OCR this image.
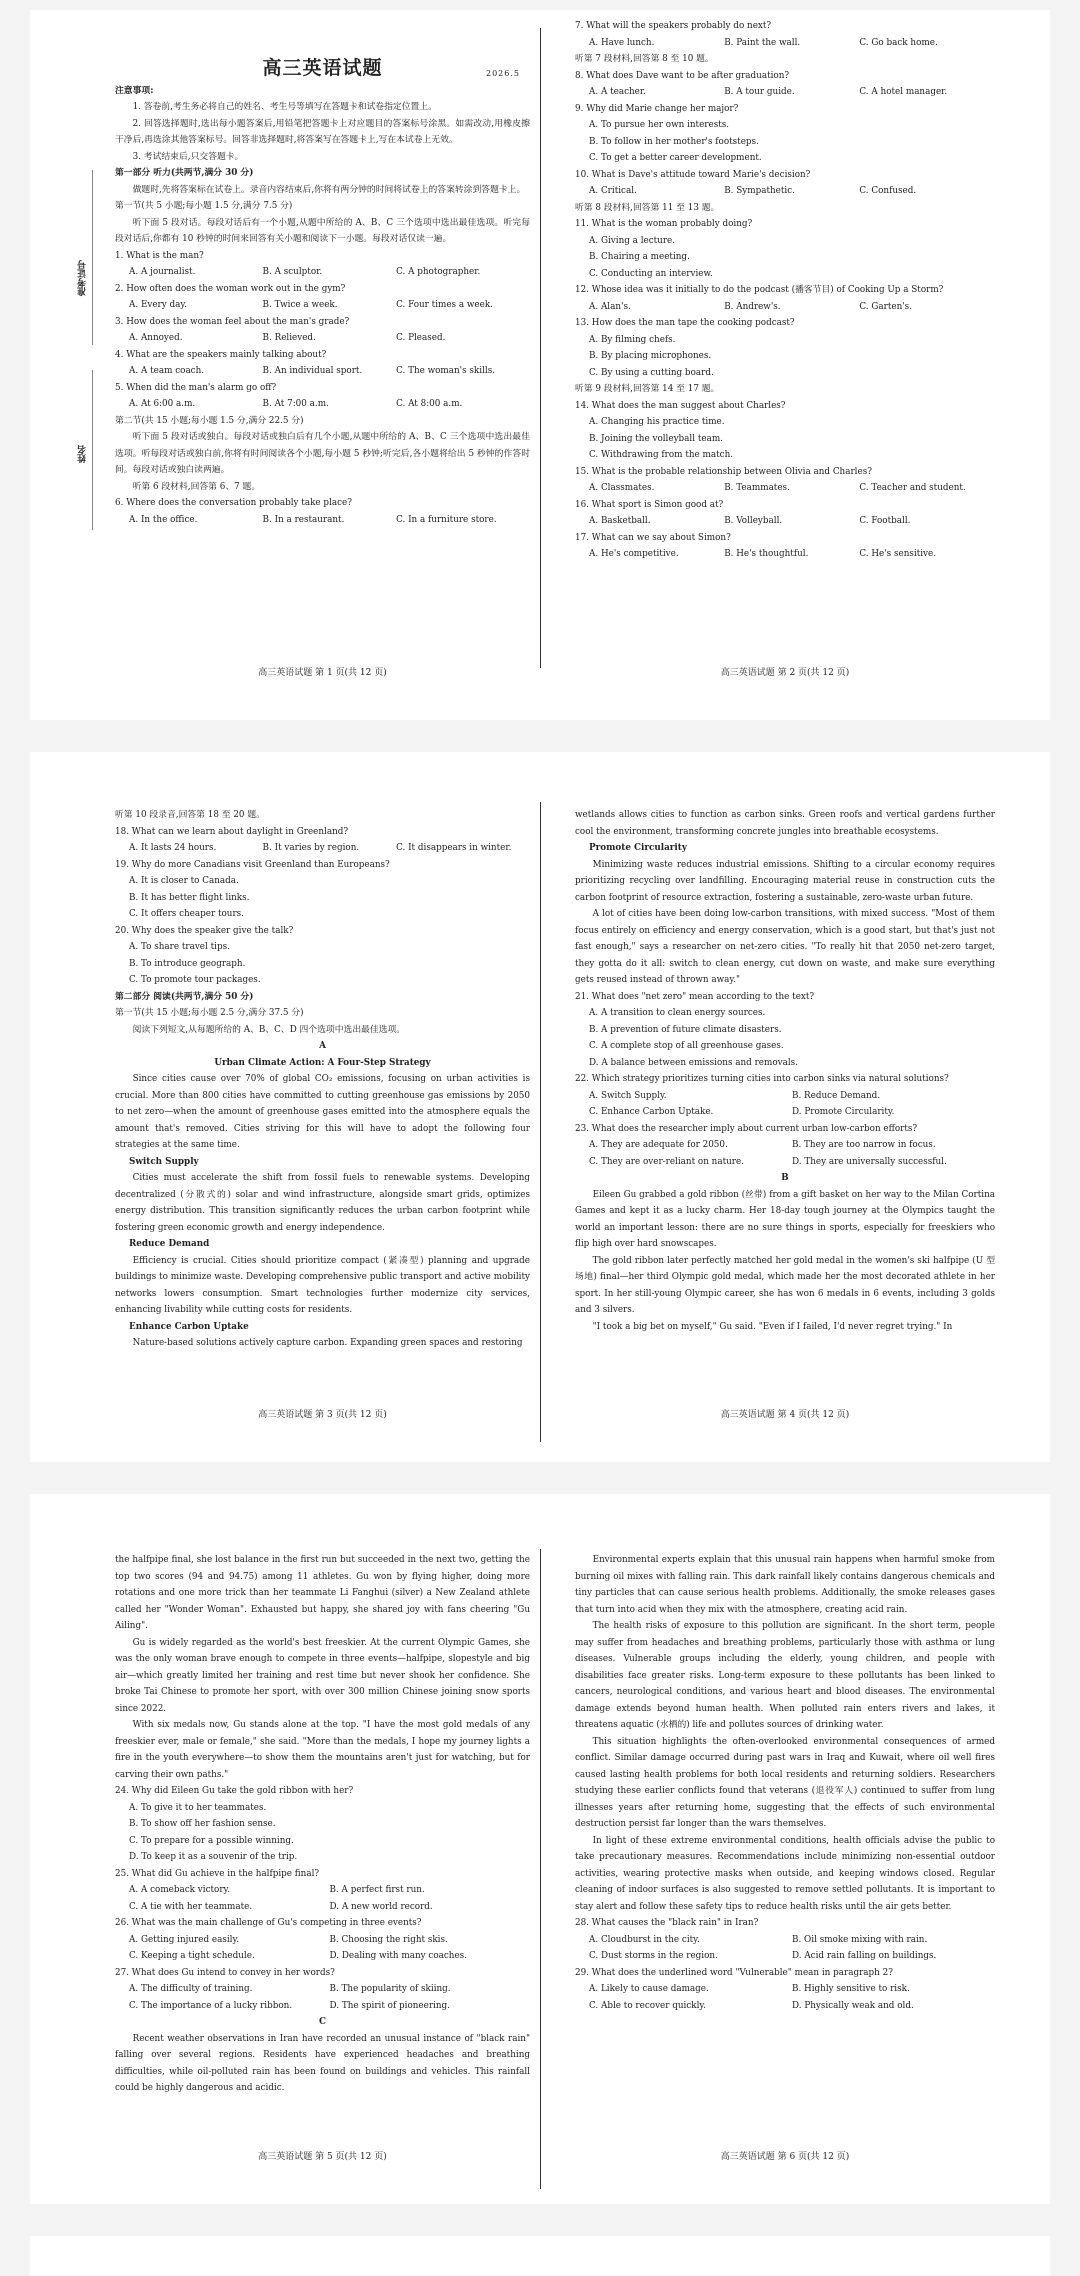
准考证号
姓名
高三英语试题	2026.5

注意事项:

1. 答卷前,考生务必将自己的姓名、考生号等填写在答题卡和试卷指定位置上。

2. 回答选择题时,选出每小题答案后,用铅笔把答题卡上对应题目的答案标号涂黑。如需改动,用橡皮擦干净后,再选涂其他答案标号。回答非选择题时,将答案写在答题卡上,写在本试卷上无效。

3. 考试结束后,只交答题卡。

第一部分 听力(共两节,满分 30 分)

做题时,先将答案标在试卷上。录音内容结束后,你将有两分钟的时间将试卷上的答案转涂到答题卡上。

第一节(共 5 小题;每小题 1.5 分,满分 7.5 分)

听下面 5 段对话。每段对话后有一个小题,从题中所给的 A、B、C 三个选项中选出最佳选项。听完每段对话后,你都有 10 秒钟的时间来回答有关小题和阅读下一小题。每段对话仅读一遍。

1. What is the man?

A. A journalist.	B. A sculptor.	C. A photographer.

2. How often does the woman work out in the gym?

A. Every day.	B. Twice a week.	C. Four times a week.

3. How does the woman feel about the man's grade?

A. Annoyed.	B. Relieved.	C. Pleased.

4. What are the speakers mainly talking about?

A. A team coach.	B. An individual sport.	C. The woman's skills.

5. When did the man's alarm go off?

A. At 6:00 a.m.	B. At 7:00 a.m.	C. At 8:00 a.m.

第二节(共 15 小题;每小题 1.5 分,满分 22.5 分)

听下面 5 段对话或独白。每段对话或独白后有几个小题,从题中所给的 A、B、C 三个选项中选出最佳选项。听每段对话或独白前,你将有时间阅读各个小题,每小题 5 秒钟;听完后,各小题将给出 5 秒钟的作答时间。每段对话或独白读两遍。

听第 6 段材料,回答第 6、7 题。

6. Where does the conversation probably take place?

A. In the office.	B. In a restaurant.	C. In a furniture store.

7. What will the speakers probably do next?

A. Have lunch.	B. Paint the wall.	C. Go back home.

听第 7 段材料,回答第 8 至 10 题。

8. What does Dave want to be after graduation?

A. A teacher.	B. A tour guide.	C. A hotel manager.

9. Why did Marie change her major?

A. To pursue her own interests.

B. To follow in her mother's footsteps.

C. To get a better career development.

10. What is Dave's attitude toward Marie's decision?

A. Critical.	B. Sympathetic.	C. Confused.

听第 8 段材料,回答第 11 至 13 题。

11. What is the woman probably doing?

A. Giving a lecture.

B. Chairing a meeting.

C. Conducting an interview.

12. Whose idea was it initially to do the podcast (播客节目) of Cooking Up a Storm?

A. Alan's.	B. Andrew's.	C. Garten's.

13. How does the man tape the cooking podcast?

A. By filming chefs.

B. By placing microphones.

C. By using a cutting board.

听第 9 段材料,回答第 14 至 17 题。

14. What does the man suggest about Charles?

A. Changing his practice time.

B. Joining the volleyball team.

C. Withdrawing from the match.

15. What is the probable relationship between Olivia and Charles?

A. Classmates.	B. Teammates.	C. Teacher and student.

16. What sport is Simon good at?

A. Basketball.	B. Volleyball.	C. Football.

17. What can we say about Simon?

A. He's competitive.	B. He's thoughtful.	C. He's sensitive.
高三英语试题 第 1 页(共 12 页)	高三英语试题 第 2 页(共 12 页)

听第 10 段录音,回答第 18 至 20 题。

18. What can we learn about daylight in Greenland?

A. It lasts 24 hours.	B. It varies by region.	C. It disappears in winter.

19. Why do more Canadians visit Greenland than Europeans?

A. It is closer to Canada.

B. It has better flight links.

C. It offers cheaper tours.

20. Why does the speaker give the talk?

A. To share travel tips.

B. To introduce geograph.

C. To promote tour packages.

第二部分 阅读(共两节,满分 50 分)

第一节(共 15 小题;每小题 2.5 分,满分 37.5 分)

阅读下列短文,从每题所给的 A、B、C、D 四个选项中选出最佳选项。

A

Urban Climate Action: A Four-Step Strategy

Since cities cause over 70% of global CO₂ emissions, focusing on urban activities is crucial. More than 800 cities have committed to cutting greenhouse gas emissions by 2050 to net zero—when the amount of greenhouse gases emitted into the atmosphere equals the amount that's removed. Cities striving for this will have to adopt the following four strategies at the same time.

Switch Supply

Cities must accelerate the shift from fossil fuels to renewable systems. Developing decentralized (分散式的) solar and wind infrastructure, alongside smart grids, optimizes energy distribution. This transition significantly reduces the urban carbon footprint while fostering green economic growth and energy independence.

Reduce Demand

Efficiency is crucial. Cities should prioritize compact (紧凑型) planning and upgrade buildings to minimize waste. Developing comprehensive public transport and active mobility networks lowers consumption. Smart technologies further modernize city services, enhancing livability while cutting costs for residents.

Enhance Carbon Uptake

Nature-based solutions actively capture carbon. Expanding green spaces and restoring

wetlands allows cities to function as carbon sinks. Green roofs and vertical gardens further cool the environment, transforming concrete jungles into breathable ecosystems.

Promote Circularity

Minimizing waste reduces industrial emissions. Shifting to a circular economy requires prioritizing recycling over landfilling. Encouraging material reuse in construction cuts the carbon footprint of resource extraction, fostering a sustainable, zero-waste urban future.

A lot of cities have been doing low-carbon transitions, with mixed success. "Most of them focus entirely on efficiency and energy conservation, which is a good start, but that's just not fast enough," says a researcher on net-zero cities. "To really hit that 2050 net-zero target, they gotta do it all: switch to clean energy, cut down on waste, and make sure everything gets reused instead of thrown away."

21. What does "net zero" mean according to the text?

A. A transition to clean energy sources.

B. A prevention of future climate disasters.

C. A complete stop of all greenhouse gases.

D. A balance between emissions and removals.

22. Which strategy prioritizes turning cities into carbon sinks via natural solutions?

A. Switch Supply.	B. Reduce Demand.
C. Enhance Carbon Uptake.	D. Promote Circularity.

23. What does the researcher imply about current urban low-carbon efforts?

A. They are adequate for 2050.	B. They are too narrow in focus.
C. They are over-reliant on nature.	D. They are universally successful.

B

Eileen Gu grabbed a gold ribbon (丝带) from a gift basket on her way to the Milan Cortina Games and kept it as a lucky charm. Her 18-day tough journey at the Olympics taught the world an important lesson: there are no sure things in sports, especially for freeskiers who flip high over hard snowscapes.

The gold ribbon later perfectly matched her gold medal in the women's ski halfpipe (U 型场地) final—her third Olympic gold medal, which made her the most decorated athlete in her sport. In her still-young Olympic career, she has won 6 medals in 6 events, including 3 golds and 3 silvers.

"I took a big bet on myself," Gu said. "Even if I failed, I'd never regret trying." In

高三英语试题 第 3 页(共 12 页)	高三英语试题 第 4 页(共 12 页)

the halfpipe final, she lost balance in the first run but succeeded in the next two, getting the top two scores (94 and 94.75) among 11 athletes. Gu won by flying higher, doing more rotations and one more trick than her teammate Li Fanghui (silver) a New Zealand athlete called her "Wonder Woman". Exhausted but happy, she shared joy with fans cheering "Gu Ailing".

Gu is widely regarded as the world's best freeskier. At the current Olympic Games, she was the only woman brave enough to compete in three events—halfpipe, slopestyle and big air—which greatly limited her training and rest time but never shook her confidence. She broke Tai Chinese to promote her sport, with over 300 million Chinese joining snow sports since 2022.

With six medals now, Gu stands alone at the top. "I have the most gold medals of any freeskier ever, male or female," she said. "More than the medals, I hope my journey lights a fire in the youth everywhere—to show them the mountains aren't just for watching, but for carving their own paths."

24. Why did Eileen Gu take the gold ribbon with her?

A. To give it to her teammates.

B. To show off her fashion sense.

C. To prepare for a possible winning.

D. To keep it as a souvenir of the trip.

25. What did Gu achieve in the halfpipe final?

A. A comeback victory.	B. A perfect first run.
C. A tie with her teammate.	D. A new world record.

26. What was the main challenge of Gu's competing in three events?

A. Getting injured easily.	B. Choosing the right skis.
C. Keeping a tight schedule.	D. Dealing with many coaches.

27. What does Gu intend to convey in her words?

A. The difficulty of training.	B. The popularity of skiing.
C. The importance of a lucky ribbon.	D. The spirit of pioneering.

C

Recent weather observations in Iran have recorded an unusual instance of "black rain" falling over several regions. Residents have experienced headaches and breathing difficulties, while oil-polluted rain has been found on buildings and vehicles. This rainfall could be highly dangerous and acidic.

Environmental experts explain that this unusual rain happens when harmful smoke from burning oil mixes with falling rain. This dark rainfall likely contains dangerous chemicals and tiny particles that can cause serious health problems. Additionally, the smoke releases gases that turn into acid when they mix with the atmosphere, creating acid rain.

The health risks of exposure to this pollution are significant. In the short term, people may suffer from headaches and breathing problems, particularly those with asthma or lung diseases. Vulnerable groups including the elderly, young children, and people with disabilities face greater risks. Long-term exposure to these pollutants has been linked to cancers, neurological conditions, and various heart and blood diseases. The environmental damage extends beyond human health. When polluted rain enters rivers and lakes, it threatens aquatic (水栖的) life and pollutes sources of drinking water.

This situation highlights the often-overlooked environmental consequences of armed conflict. Similar damage occurred during past wars in Iraq and Kuwait, where oil well fires caused lasting health problems for both local residents and returning soldiers. Researchers studying these earlier conflicts found that veterans (退役军人) continued to suffer from lung illnesses years after returning home, suggesting that the effects of such environmental destruction persist far longer than the wars themselves.

In light of these extreme environmental conditions, health officials advise the public to take precautionary measures. Recommendations include minimizing non-essential outdoor activities, wearing protective masks when outside, and keeping windows closed. Regular cleaning of indoor surfaces is also suggested to remove settled pollutants. It is important to stay alert and follow these safety tips to reduce health risks until the air gets better.

28. What causes the "black rain" in Iran?

A. Cloudburst in the city.	B. Oil smoke mixing with rain.
C. Dust storms in the region.	D. Acid rain falling on buildings.

29. What does the underlined word "Vulnerable" mean in paragraph 2?

A. Likely to cause damage.	B. Highly sensitive to risk.
C. Able to recover quickly.	D. Physically weak and old.
高三英语试题 第 5 页(共 12 页)	高三英语试题 第 6 页(共 12 页)
